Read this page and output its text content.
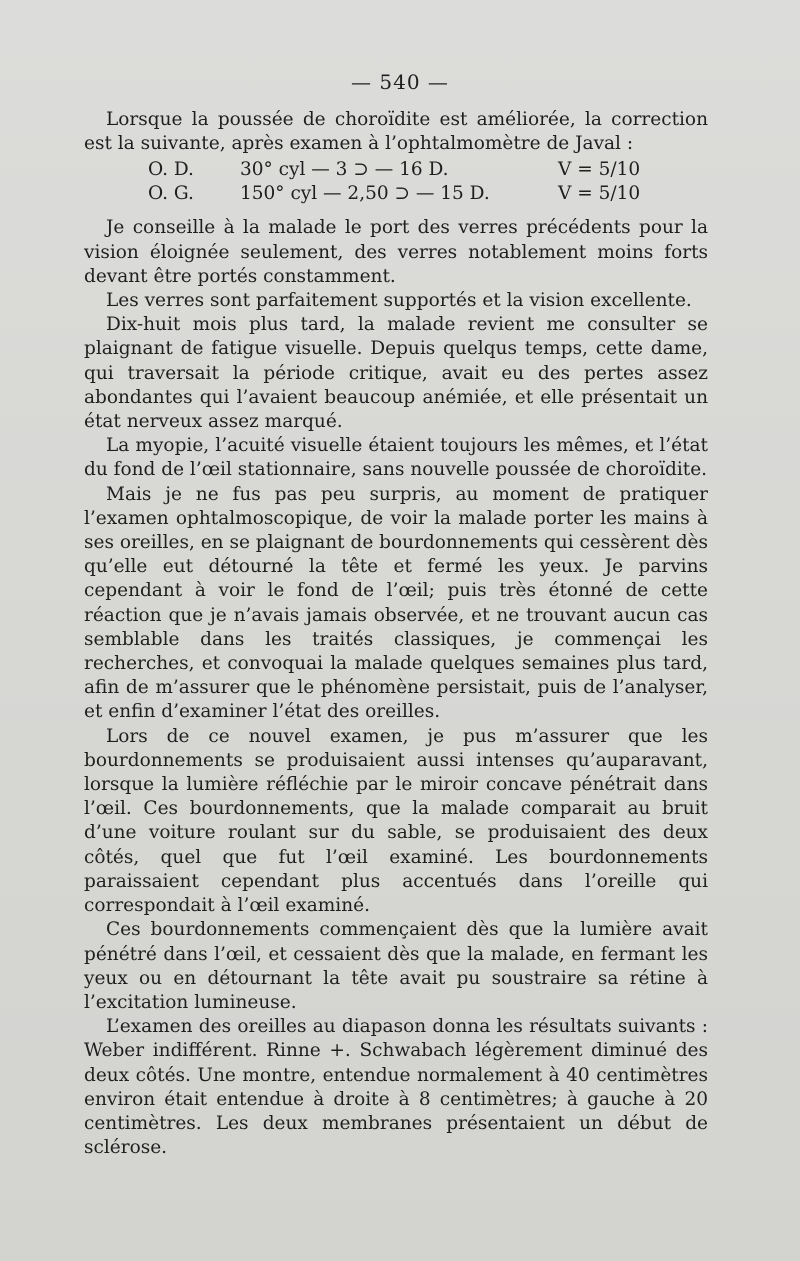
— 540 —

Lorsque la poussée de choroïdite est améliorée, la correction est la suivante, après examen à l’ophtalmomètre de Javal :

O. D.	30° cyl — 3 ⊃ — 16 D.	V = 5/10
O. G.	150° cyl — 2,50 ⊃ — 15 D.	V = 5/10

Je conseille à la malade le port des verres précédents pour la vision éloignée seulement, des verres notablement moins forts devant être portés constamment.

Les verres sont parfaitement supportés et la vision excellente.

Dix-huit mois plus tard, la malade revient me consulter se plaignant de fatigue visuelle. Depuis quelqus temps, cette dame, qui traversait la période critique, avait eu des pertes assez abondantes qui l’avaient beaucoup anémiée, et elle présentait un état nerveux assez marqué.

La myopie, l’acuité visuelle étaient toujours les mêmes, et l’état du fond de l’œil stationnaire, sans nouvelle poussée de choroïdite.

Mais je ne fus pas peu surpris, au moment de pratiquer l’examen ophtalmoscopique, de voir la malade porter les mains à ses oreilles, en se plaignant de bourdonnements qui cessèrent dès qu’elle eut détourné la tête et fermé les yeux. Je parvins cependant à voir le fond de l’œil; puis très étonné de cette réaction que je n’avais jamais observée, et ne trouvant aucun cas semblable dans les traités classiques, je commençai les recherches, et convoquai la malade quelques semaines plus tard, afin de m’assurer que le phénomène persistait, puis de l’analyser, et enfin d’examiner l’état des oreilles.

Lors de ce nouvel examen, je pus m’assurer que les bourdonnements se produisaient aussi intenses qu’auparavant, lorsque la lumière réfléchie par le miroir concave pénétrait dans l’œil. Ces bourdonnements, que la malade comparait au bruit d’une voiture roulant sur du sable, se produisaient des deux côtés, quel que fut l’œil examiné. Les bourdonnements paraissaient cependant plus accentués dans l’oreille qui correspondait à l’œil examiné.

Ces bourdonnements commençaient dès que la lumière avait pénétré dans l’œil, et cessaient dès que la malade, en fermant les yeux ou en détournant la tête avait pu soustraire sa rétine à l’excitation lumineuse.

L’examen des oreilles au diapason donna les résultats suivants : Weber indifférent. Rinne +. Schwabach légèrement diminué des deux côtés. Une montre, entendue normalement à 40 centimètres environ était entendue à droite à 8 centimètres; à gauche à 20 centimètres. Les deux membranes présentaient un début de sclérose.
